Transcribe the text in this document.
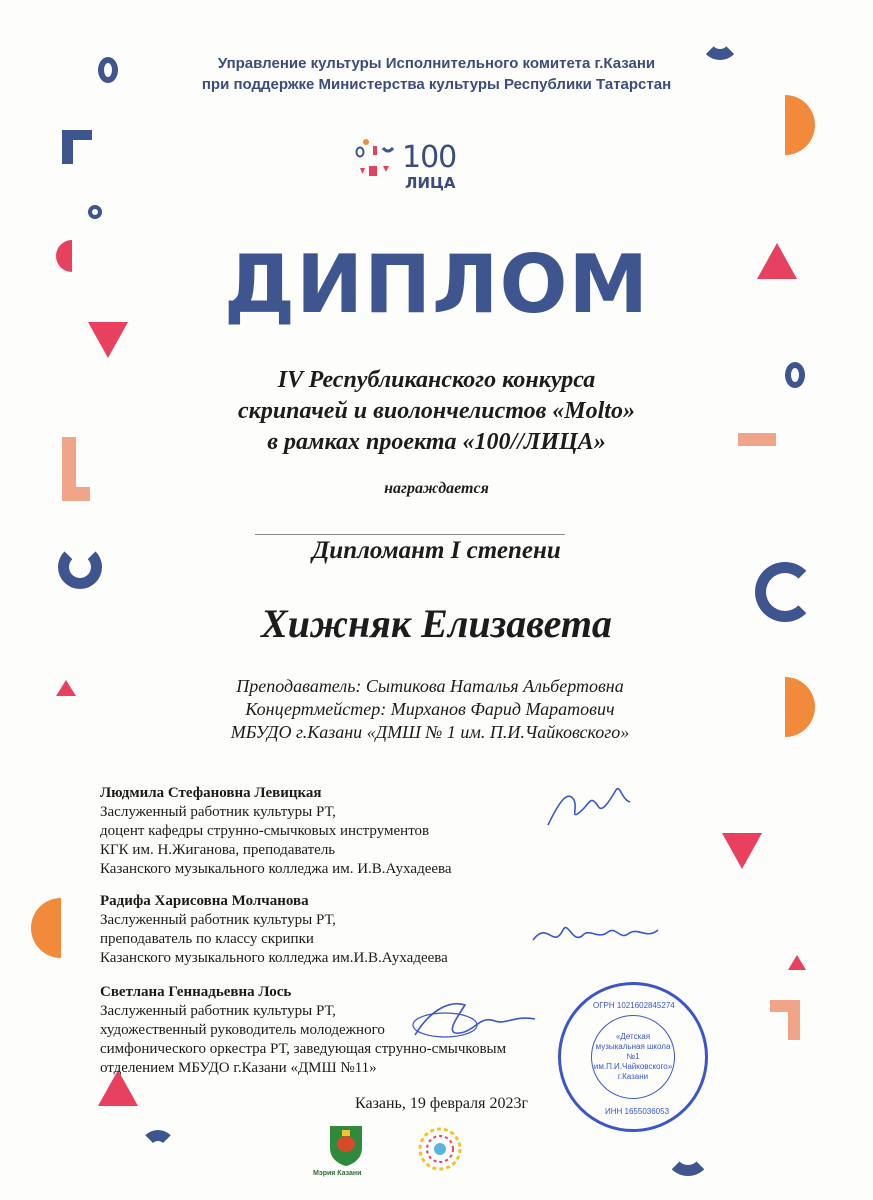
Управление культуры Исполнительного комитета г.Казани
при поддержке Министерства культуры Республики Татарстан
100
ЛИЦА
ДИПЛОМ
IV Республиканского конкурса
скрипачей и виолончелистов «Molto»
в рамках проекта «100//ЛИЦА»
награждается
Дипломант I степени
Хижняк Елизавета
Преподаватель: Сытикова Наталья Альбертовна
Концертмейстер: Мирханов Фарид Маратович
МБУДО г.Казани «ДМШ № 1 им. П.И.Чайковского»
Людмила Стефановна Левицкая
Заслуженный работник культуры РТ,
доцент кафедры струнно-смычковых инструментов
КГК им. Н.Жиганова, преподаватель
Казанского музыкального колледжа им. И.В.Аухадеева
Радифа Харисовна Молчанова
Заслуженный работник культуры РТ,
преподаватель по классу скрипки
Казанского музыкального колледжа им.И.В.Аухадеева
Светлана Геннадьевна Лось
Заслуженный работник культуры РТ,
художественный руководитель молодежного
симфонического оркестра РТ, заведующая струнно-смычковым
отделением МБУДО г.Казани «ДМШ №11»
ОГРН 1021602845274
«Детская
музыкальная школа №1
им.П.И.Чайковского»
г.Казани
ИНН 1655036053
Казань, 19 февраля 2023г
Мэрия Казани
